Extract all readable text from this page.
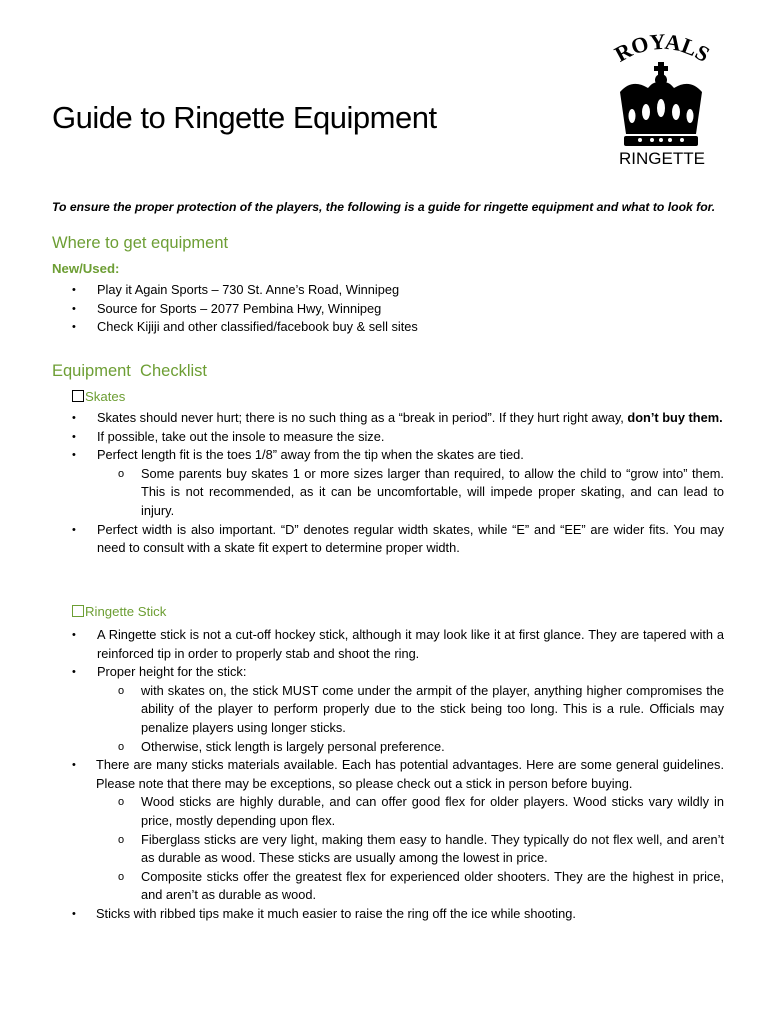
ROYALS
RINGETTE
Guide to Ringette Equipment

To ensure the proper protection of the players, the following is a guide for ringette equipment and what to look for.

Where to get equipment
New/Used:
• Play it Again Sports – 730 St. Anne’s Road, Winnipeg
• Source for Sports – 2077 Pembina Hwy, Winnipeg
• Check Kijiji and other classified/facebook buy & sell sites
Equipment  Checklist
Skates
• Skates should never hurt; there is no such thing as a “break in period”. If they hurt right away, don’t buy them.
• If possible, take out the insole to measure the size.
• Perfect length fit is the toes 1/8” away from the tip when the skates are tied.
o Some parents buy skates 1 or more sizes larger than required, to allow the child to “grow into” them. This is not recommended, as it can be uncomfortable, will impede proper skating, and can lead to injury.
• Perfect width is also important. “D” denotes regular width skates, while “E” and “EE” are wider fits. You may need to consult with a skate fit expert to determine proper width.
Ringette Stick
• A Ringette stick is not a cut-off hockey stick, although it may look like it at first glance. They are tapered with a reinforced tip in order to properly stab and shoot the ring.
• Proper height for the stick:
o with skates on, the stick MUST come under the armpit of the player, anything higher compromises the ability of the player to perform properly due to the stick being too long. This is a rule. Officials may penalize players using longer sticks.
o Otherwise, stick length is largely personal preference.
• There are many sticks materials available. Each has potential advantages. Here are some general guidelines. Please note that there may be exceptions, so please check out a stick in person before buying.
o Wood sticks are highly durable, and can offer good flex for older players. Wood sticks vary wildly in price, mostly depending upon flex.
o Fiberglass sticks are very light, making them easy to handle. They typically do not flex well, and aren’t as durable as wood. These sticks are usually among the lowest in price.
o Composite sticks offer the greatest flex for experienced older shooters. They are the highest in price, and aren’t as durable as wood.
• Sticks with ribbed tips make it much easier to raise the ring off the ice while shooting.
